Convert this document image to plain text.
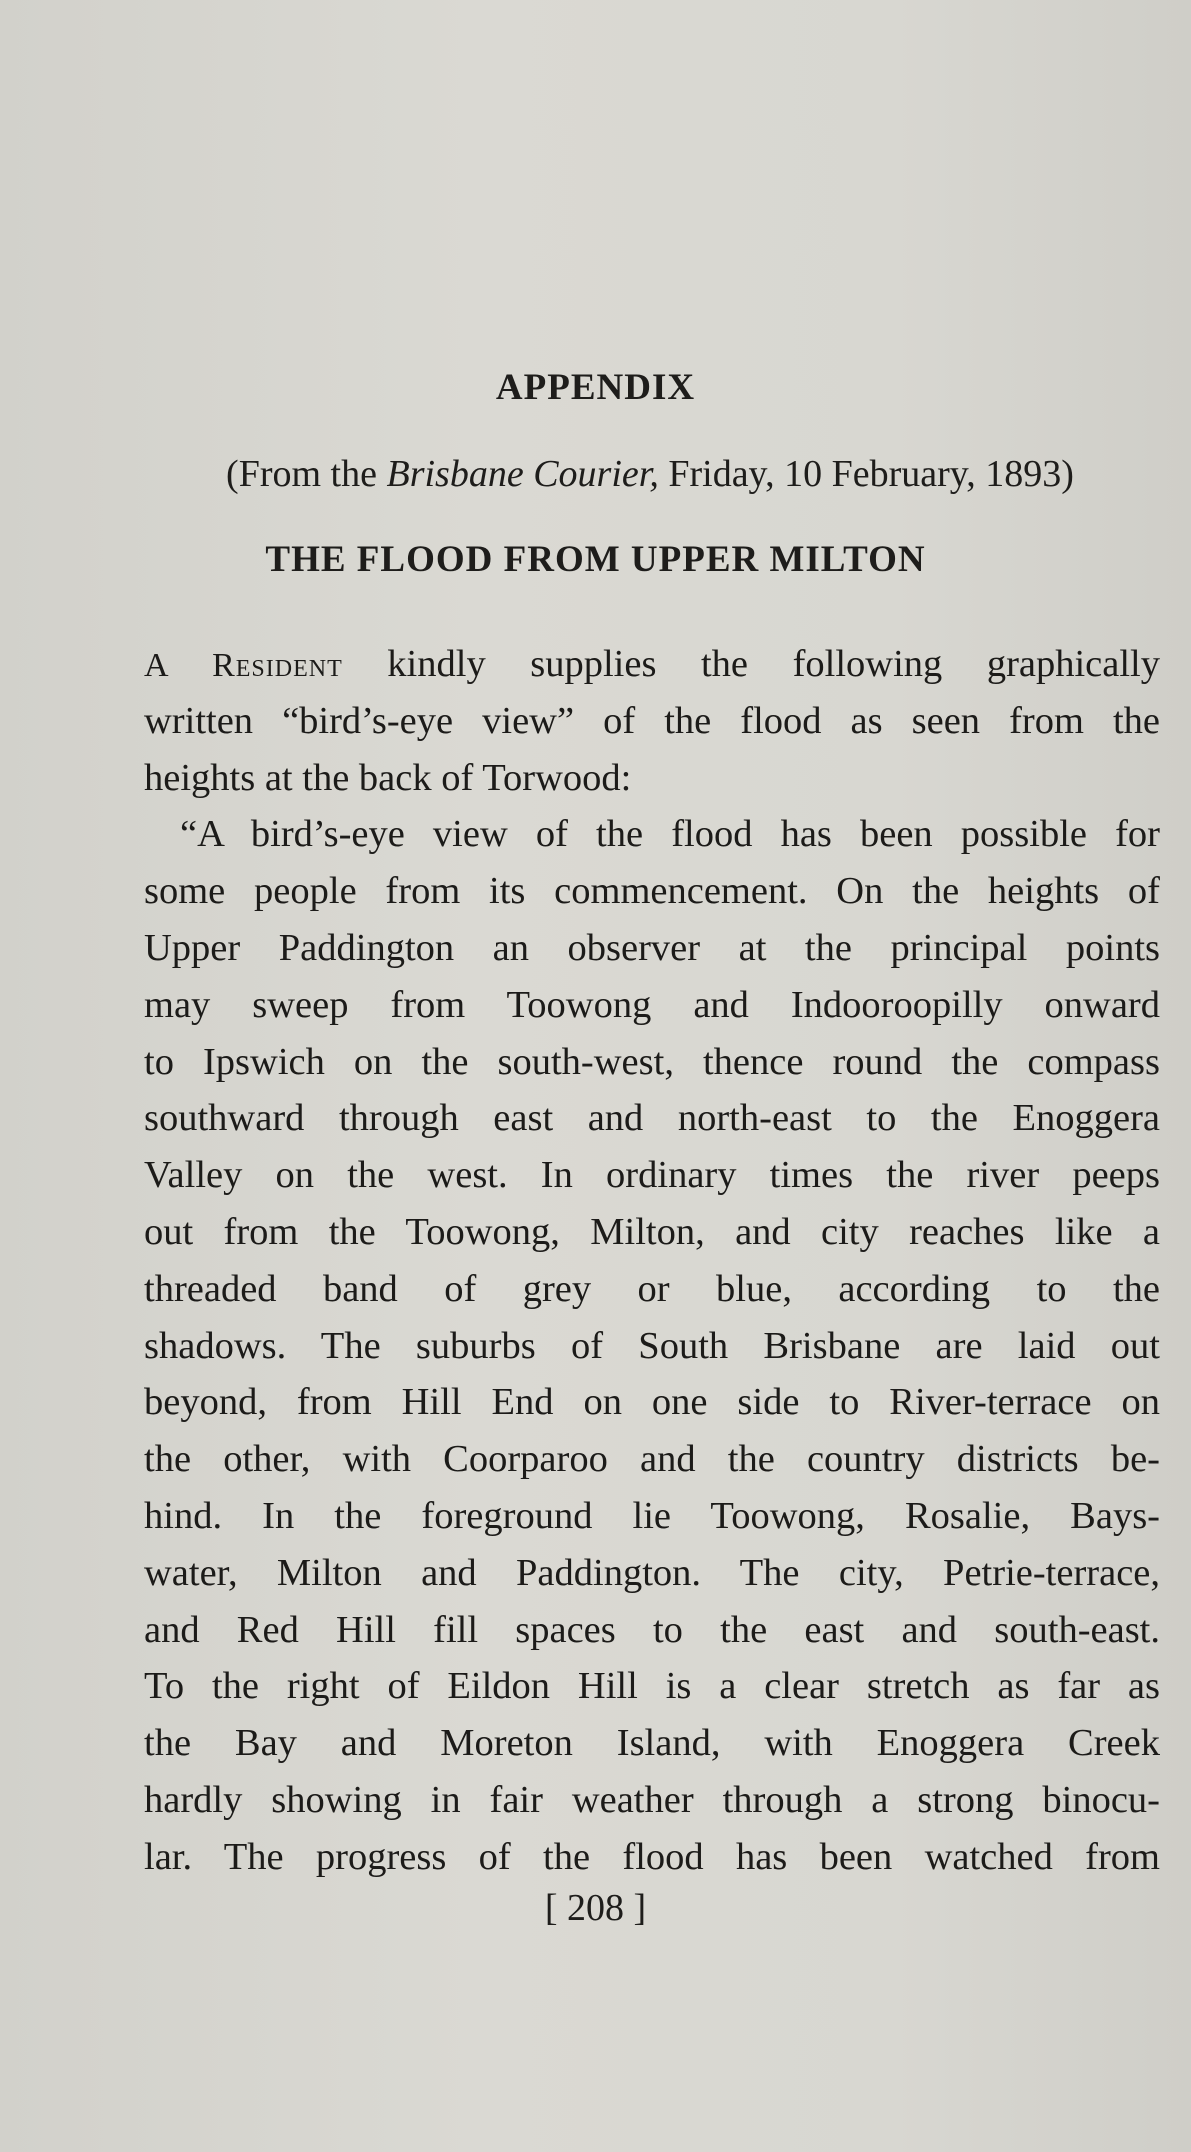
APPENDIX

(From the Brisbane Courier, Friday, 10 February, 1893)

THE FLOOD FROM UPPER MILTON
A Resident kindly supplies the following graphically
written “bird’s-eye view” of the flood as seen from the
heights at the back of Torwood:
“A bird’s-eye view of the flood has been possible for
some people from its commencement. On the heights of
Upper Paddington an observer at the principal points
may sweep from Toowong and Indooroopilly onward
to Ipswich on the south-west, thence round the compass
southward through east and north-east to the Enoggera
Valley on the west. In ordinary times the river peeps
out from the Toowong, Milton, and city reaches like a
threaded band of grey or blue, according to the
shadows. The suburbs of South Brisbane are laid out
beyond, from Hill End on one side to River-terrace on
the other, with Coorparoo and the country districts be-
hind. In the foreground lie Toowong, Rosalie, Bays-
water, Milton and Paddington. The city, Petrie-terrace,
and Red Hill fill spaces to the east and south-east.
To the right of Eildon Hill is a clear stretch as far as
the Bay and Moreton Island, with Enoggera Creek
hardly showing in fair weather through a strong binocu-
lar. The progress of the flood has been watched from
[ 208 ]
